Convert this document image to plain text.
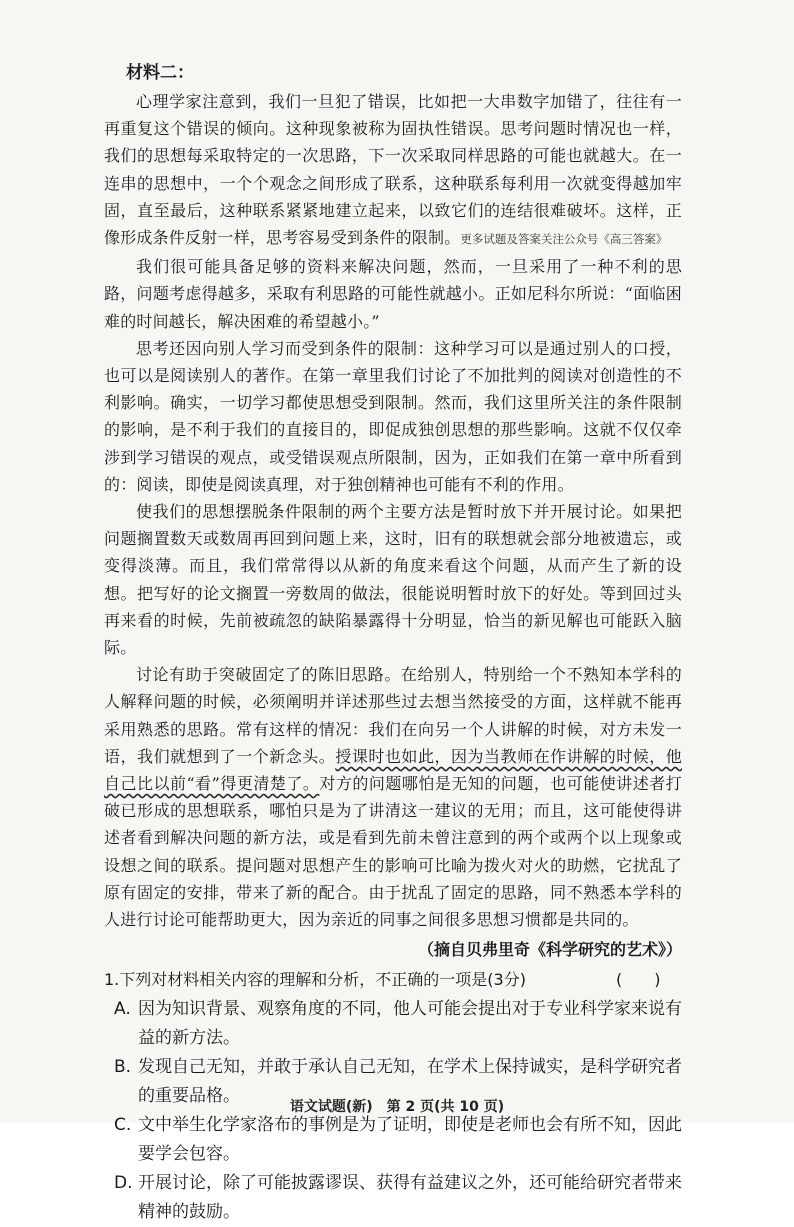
材料二：

心理学家注意到，我们一旦犯了错误，比如把一大串数字加错了，往往有一再重复这个错误的倾向。这种现象被称为固执性错误。思考问题时情况也一样，我们的思想每采取特定的一次思路，下一次采取同样思路的可能也就越大。在一连串的思想中，一个个观念之间形成了联系，这种联系每利用一次就变得越加牢固，直至最后，这种联系紧紧地建立起来，以致它们的连结很难破坏。这样，正像形成条件反射一样，思考容易受到条件的限制。更多试题及答案关注公众号《高三答案》

我们很可能具备足够的资料来解决问题，然而，一旦采用了一种不利的思路，问题考虑得越多，采取有利思路的可能性就越小。正如尼科尔所说：“面临困难的时间越长，解决困难的希望越小。”

思考还因向别人学习而受到条件的限制：这种学习可以是通过别人的口授，也可以是阅读别人的著作。在第一章里我们讨论了不加批判的阅读对创造性的不利影响。确实，一切学习都使思想受到限制。然而，我们这里所关注的条件限制的影响，是不利于我们的直接目的，即促成独创思想的那些影响。这就不仅仅牵涉到学习错误的观点，或受错误观点所限制，因为，正如我们在第一章中所看到的：阅读，即使是阅读真理，对于独创精神也可能有不利的作用。

使我们的思想摆脱条件限制的两个主要方法是暂时放下并开展讨论。如果把问题搁置数天或数周再回到问题上来，这时，旧有的联想就会部分地被遗忘，或变得淡薄。而且，我们常常得以从新的角度来看这个问题，从而产生了新的设想。把写好的论文搁置一旁数周的做法，很能说明暂时放下的好处。等到回过头再来看的时候，先前被疏忽的缺陷暴露得十分明显，恰当的新见解也可能跃入脑际。

讨论有助于突破固定了的陈旧思路。在给别人，特别给一个不熟知本学科的人解释问题的时候，必须阐明并详述那些过去想当然接受的方面，这样就不能再采用熟悉的思路。常有这样的情况：我们在向另一个人讲解的时候，对方未发一语，我们就想到了一个新念头。授课时也如此，因为当教师在作讲解的时候，他自己比以前“看”得更清楚了。对方的问题哪怕是无知的问题，也可能使讲述者打破已形成的思想联系，哪怕只是为了讲清这一建议的无用；而且，这可能使得讲述者看到解决问题的新方法，或是看到先前未曾注意到的两个或两个以上现象或设想之间的联系。提问题对思想产生的影响可比喻为拨火对火的助燃，它扰乱了原有固定的安排，带来了新的配合。由于扰乱了固定的思路，同不熟悉本学科的人进行讨论可能帮助更大，因为亲近的同事之间很多思想习惯都是共同的。

（摘自贝弗里奇《科学研究的艺术》）
1.下列对材料相关内容的理解和分析，不正确的一项是(3分)	(　　)
A. 因为知识背景、观察角度的不同，他人可能会提出对于专业科学家来说有益的新方法。
B. 发现自己无知，并敢于承认自己无知，在学术上保持诚实，是科学研究者的重要品格。
C. 文中举生化学家洛布的事例是为了证明，即使是老师也会有所不知，因此要学会包容。
D. 开展讨论，除了可能披露谬误、获得有益建议之外，还可能给研究者带来精神的鼓励。
语文试题(新)　第 2 页(共 10 页)
